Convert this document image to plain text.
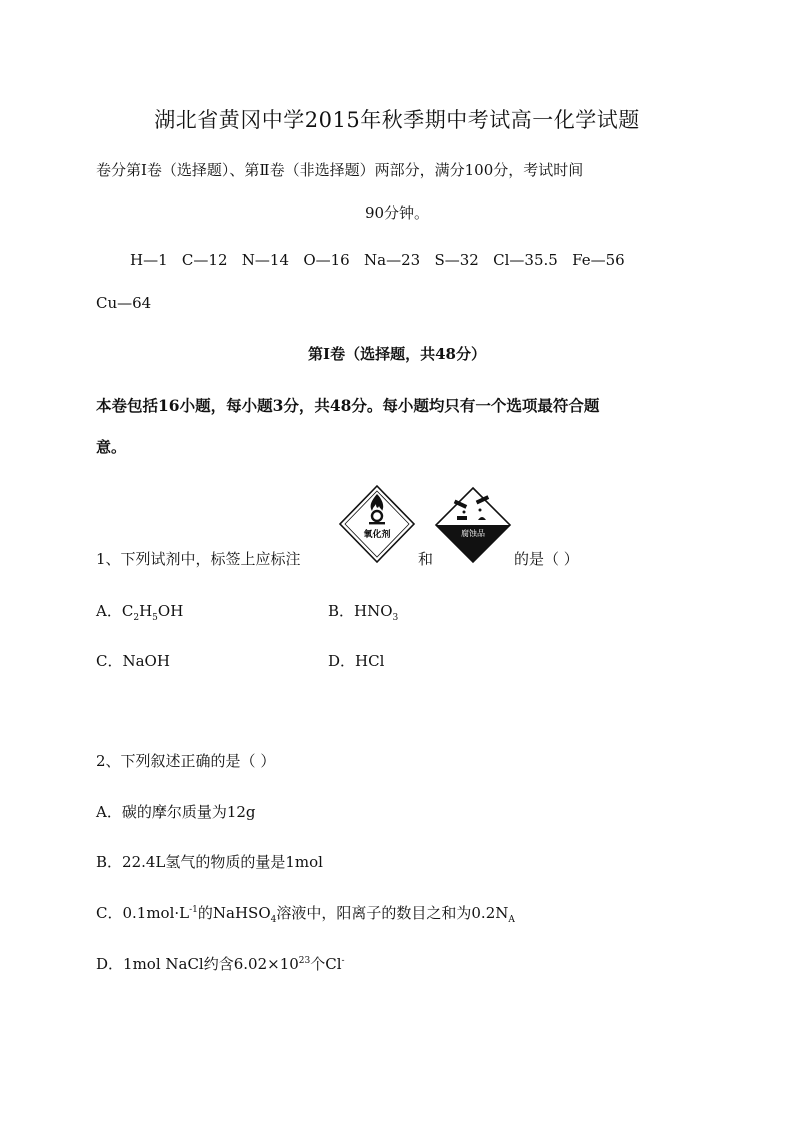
湖北省黄冈中学2015年秋季期中考试高一化学试题
卷分第Ⅰ卷（选择题）、第Ⅱ卷（非选择题）两部分，满分100分，考试时间
90分钟。
H—1   C—12   N—14   O—16   Na—23   S—32   Cl—35.5   Fe—56
Cu—64
第Ⅰ卷（选择题，共48分）
本卷包括16小题，每小题3分，共48分。每小题均只有一个选项最符合题
意。
1、下列试剂中，标签上应标注
氧化剂
和
腐蚀品
的是（ ）
A．$C_2H_5OH$	B．$HNO_3$
C．NaOH	D．HCl
2、下列叙述正确的是（ ）
A．碳的摩尔质量为12g
B．22.4L氢气的物质的量是1mol
C．$0.1mol\cdot L^{-1}$的NaHSO$_4$溶液中，阳离子的数目之和为$0.2N_A$
D．1mol NaCl约含$6.02\times 10^{23}$个Cl-
